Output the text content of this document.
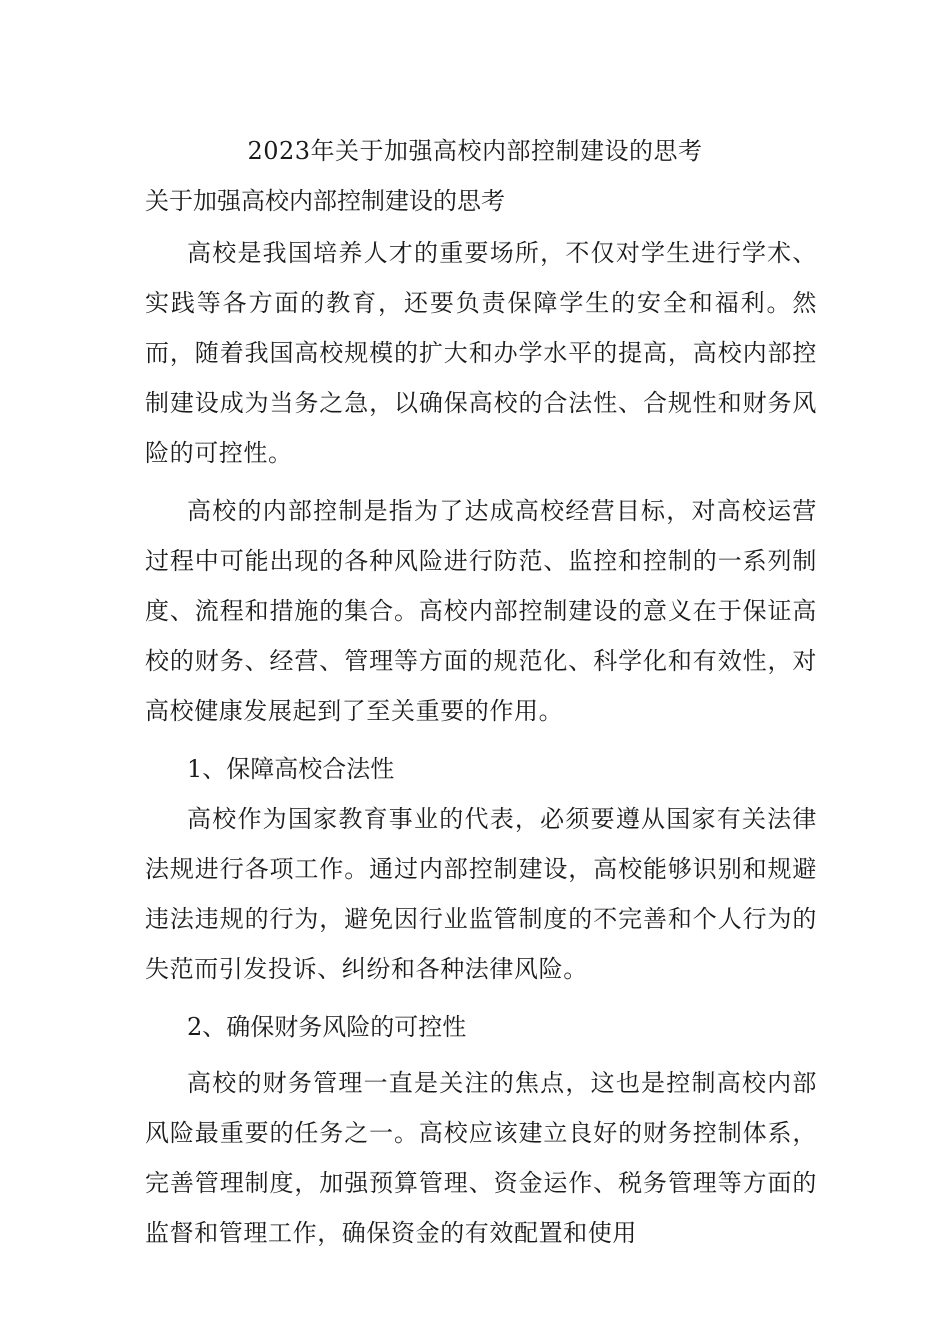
2023年关于加强高校内部控制建设的思考

关于加强高校内部控制建设的思考

高校是我国培养人才的重要场所，不仅对学生进行学术、实践等各方面的教育，还要负责保障学生的安全和福利。然而，随着我国高校规模的扩大和办学水平的提高，高校内部控制建设成为当务之急，以确保高校的合法性、合规性和财务风险的可控性。

高校的内部控制是指为了达成高校经营目标，对高校运营过程中可能出现的各种风险进行防范、监控和控制的一系列制度、流程和措施的集合。高校内部控制建设的意义在于保证高校的财务、经营、管理等方面的规范化、科学化和有效性，对高校健康发展起到了至关重要的作用。

1、保障高校合法性

高校作为国家教育事业的代表，必须要遵从国家有关法律法规进行各项工作。通过内部控制建设，高校能够识别和规避违法违规的行为，避免因行业监管制度的不完善和个人行为的失范而引发投诉、纠纷和各种法律风险。

2、确保财务风险的可控性

高校的财务管理一直是关注的焦点，这也是控制高校内部风险最重要的任务之一。高校应该建立良好的财务控制体系，完善管理制度，加强预算管理、资金运作、税务管理等方面的监督和管理工作，确保资金的有效配置和使用
